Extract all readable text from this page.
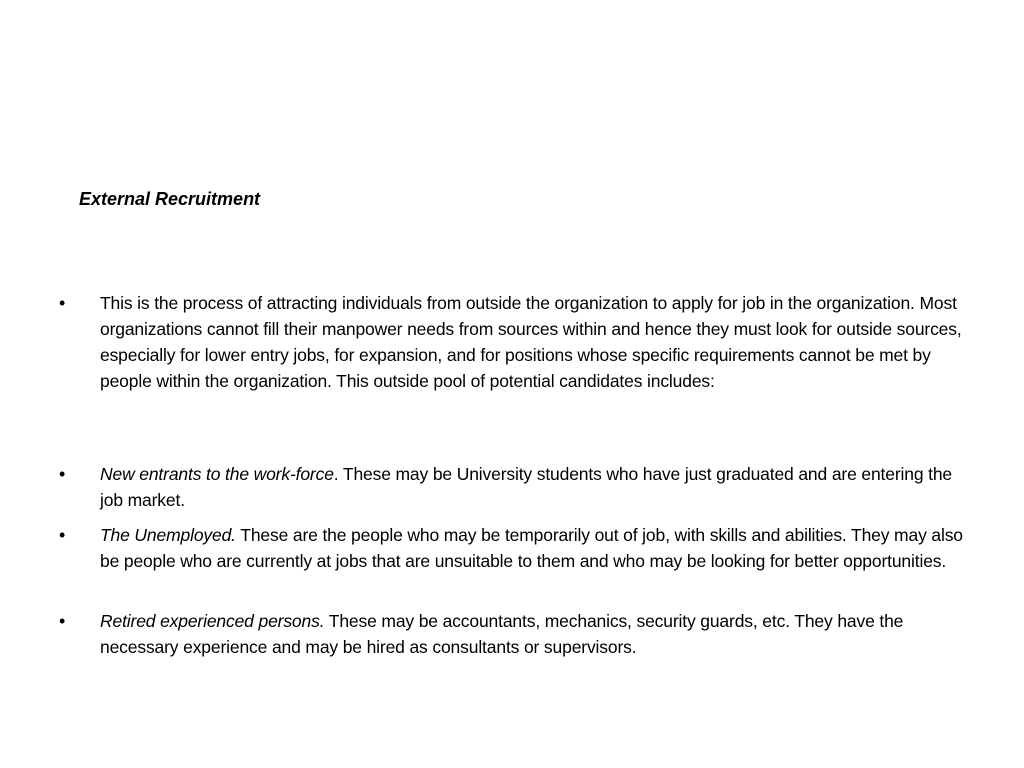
External Recruitment
•	This is the process of attracting individuals from outside the organization to apply for job in the organization. Most organizations cannot fill their manpower needs from sources within and hence they must look for outside sources, especially for lower entry jobs, for expansion, and for positions whose specific requirements cannot be met by people within the organization. This outside pool of potential candidates includes:
•	New entrants to the work-force. These may be University students who have just graduated and are entering the job market.
•	The Unemployed. These are the people who may be temporarily out of job, with skills and abilities. They may also be people who are currently at jobs that are unsuitable to them and who may be looking for better opportunities.
•	Retired experienced persons. These may be accountants, mechanics, security guards, etc. They have the necessary experience and may be hired as consultants or supervisors.
